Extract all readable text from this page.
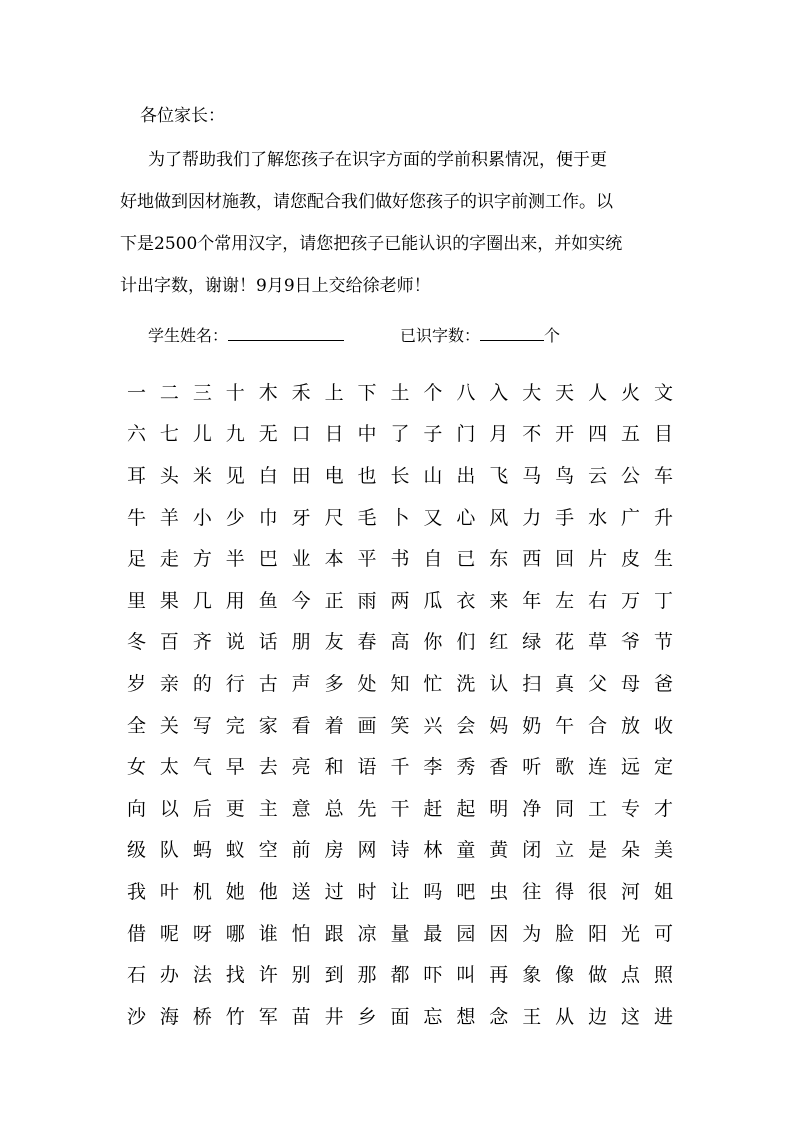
各位家长：
为了帮助我们了解您孩子在识字方面的学前积累情况，便于更
好地做到因材施教，请您配合我们做好您孩子的识字前测工作。以
下是2500个常用汉字，请您把孩子已能认识的字圈出来，并如实统
计出字数，谢谢！9月9日上交给徐老师！
学生姓名：	已识字数：	个
一 二 三 十 木 禾 上 下 土 个 八 入 大 天 人 火 文
六 七 儿 九 无 口 日 中 了 子 门 月 不 开 四 五 目
耳 头 米 见 白 田 电 也 长 山 出 飞 马 鸟 云 公 车
牛 羊 小 少 巾 牙 尺 毛 卜 又 心 风 力 手 水 广 升
足 走 方 半 巴 业 本 平 书 自 已 东 西 回 片 皮 生
里 果 几 用 鱼 今 正 雨 两 瓜 衣 来 年 左 右 万 丁
冬 百 齐 说 话 朋 友 春 高 你 们 红 绿 花 草 爷 节
岁 亲 的 行 古 声 多 处 知 忙 洗 认 扫 真 父 母 爸
全 关 写 完 家 看 着 画 笑 兴 会 妈 奶 午 合 放 收
女 太 气 早 去 亮 和 语 千 李 秀 香 听 歌 连 远 定
向 以 后 更 主 意 总 先 干 赶 起 明 净 同 工 专 才
级 队 蚂 蚁 空 前 房 网 诗 林 童 黄 闭 立 是 朵 美
我 叶 机 她 他 送 过 时 让 吗 吧 虫 往 得 很 河 姐
借 呢 呀 哪 谁 怕 跟 凉 量 最 园 因 为 脸 阳 光 可
石 办 法 找 许 别 到 那 都 吓 叫 再 象 像 做 点 照
沙 海 桥 竹 军 苗 井 乡 面 忘 想 念 王 从 边 这 进
